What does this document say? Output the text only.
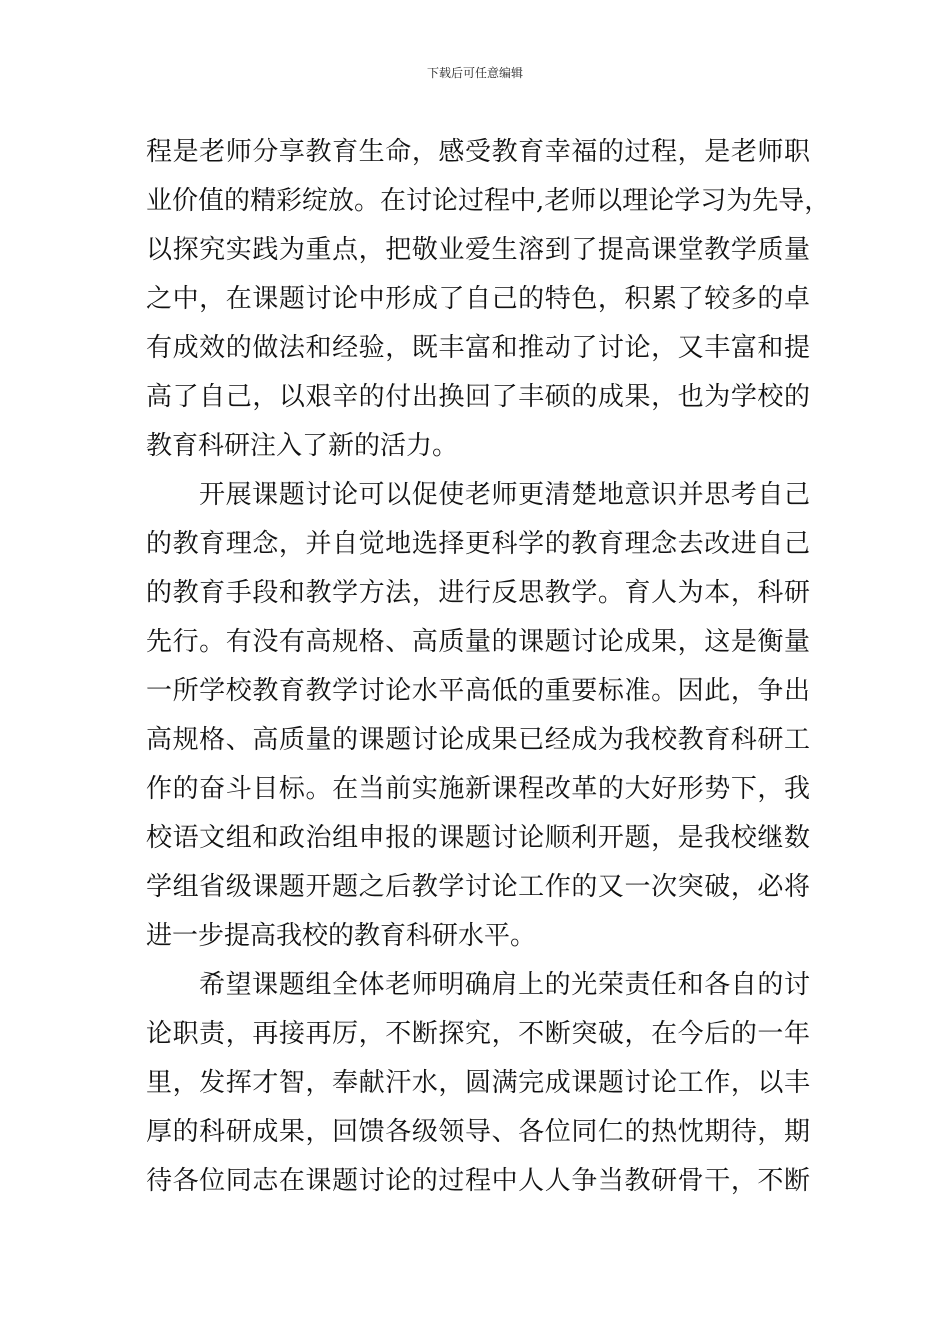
下载后可任意编辑
程是老师分享教育生命，感受教育幸福的过程，是老师职
业价值的精彩绽放。在讨论过程中,老师以理论学习为先导，
以探究实践为重点，把敬业爱生溶到了提高课堂教学质量
之中，在课题讨论中形成了自己的特色，积累了较多的卓
有成效的做法和经验，既丰富和推动了讨论，又丰富和提
高了自己，以艰辛的付出换回了丰硕的成果，也为学校的
教育科研注入了新的活力。
开展课题讨论可以促使老师更清楚地意识并思考自己
的教育理念，并自觉地选择更科学的教育理念去改进自己
的教育手段和教学方法，进行反思教学。育人为本，科研
先行。有没有高规格、高质量的课题讨论成果，这是衡量
一所学校教育教学讨论水平高低的重要标准。因此，争出
高规格、高质量的课题讨论成果已经成为我校教育科研工
作的奋斗目标。在当前实施新课程改革的大好形势下，我
校语文组和政治组申报的课题讨论顺利开题，是我校继数
学组省级课题开题之后教学讨论工作的又一次突破，必将
进一步提高我校的教育科研水平。
希望课题组全体老师明确肩上的光荣责任和各自的讨
论职责，再接再厉，不断探究，不断突破，在今后的一年
里，发挥才智，奉献汗水，圆满完成课题讨论工作，以丰
厚的科研成果，回馈各级领导、各位同仁的热忱期待，期
待各位同志在课题讨论的过程中人人争当教研骨干，不断
